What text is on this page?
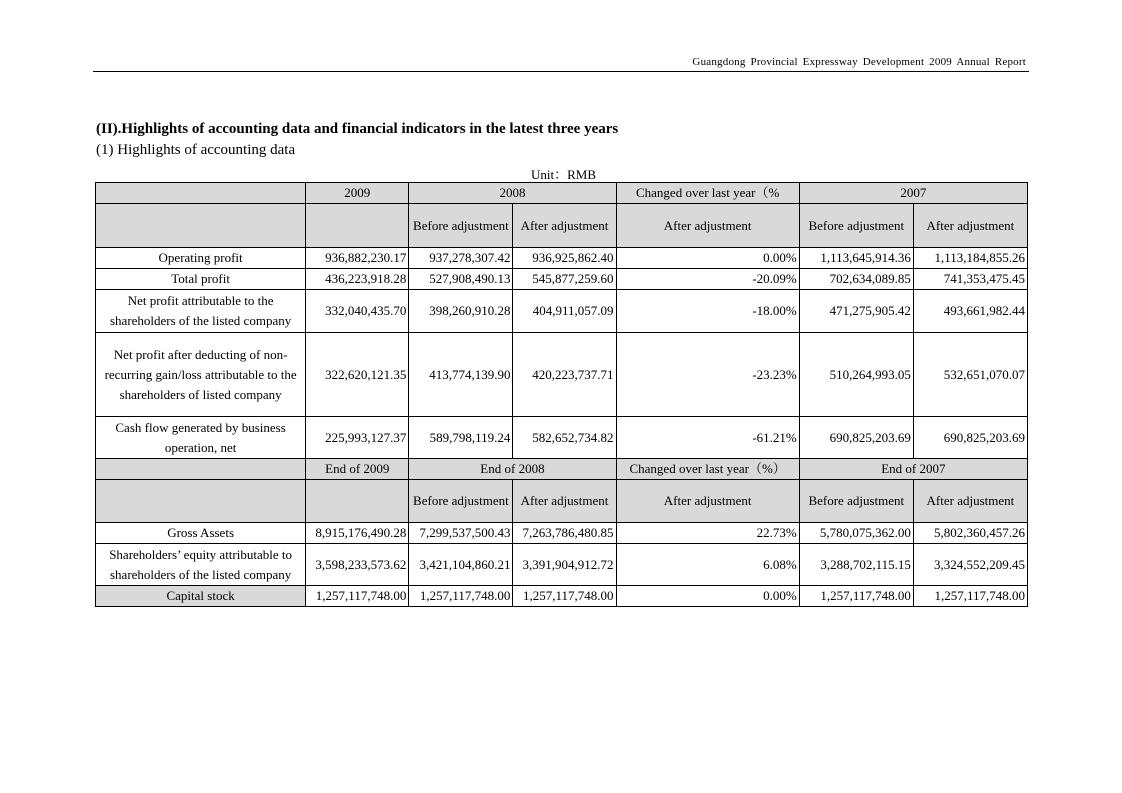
Guangdong Provincial Expressway Development 2009 Annual Report
(II).Highlights of accounting data and financial indicators in the latest three years
(1) Highlights of accounting data
Unit：RMB
	2009	2008		Changed over last year（%	2007	
		Before adjustment	After adjustment	After adjustment	Before adjustment	After adjustment
Operating profit	936,882,230.17	937,278,307.42	936,925,862.40	0.00%	1,113,645,914.36	1,113,184,855.26
Total profit	436,223,918.28	527,908,490.13	545,877,259.60	-20.09%	702,634,089.85	741,353,475.45
Net profit attributable to the shareholders of the listed company	332,040,435.70	398,260,910.28	404,911,057.09	-18.00%	471,275,905.42	493,661,982.44
Net profit after deducting of non-recurring gain/loss attributable to the shareholders of listed company	322,620,121.35	413,774,139.90	420,223,737.71	-23.23%	510,264,993.05	532,651,070.07
Cash flow generated by business operation, net	225,993,127.37	589,798,119.24	582,652,734.82	-61.21%	690,825,203.69	690,825,203.69
	End of 2009	End of 2008		Changed over last year（%）	End of 2007	
		Before adjustment	After adjustment	After adjustment	Before adjustment	After adjustment
Gross Assets	8,915,176,490.28	7,299,537,500.43	7,263,786,480.85	22.73%	5,780,075,362.00	5,802,360,457.26
Shareholders’ equity attributable to shareholders of the listed company	3,598,233,573.62	3,421,104,860.21	3,391,904,912.72	6.08%	3,288,702,115.15	3,324,552,209.45
Capital stock	1,257,117,748.00	1,257,117,748.00	1,257,117,748.00	0.00%	1,257,117,748.00	1,257,117,748.00
